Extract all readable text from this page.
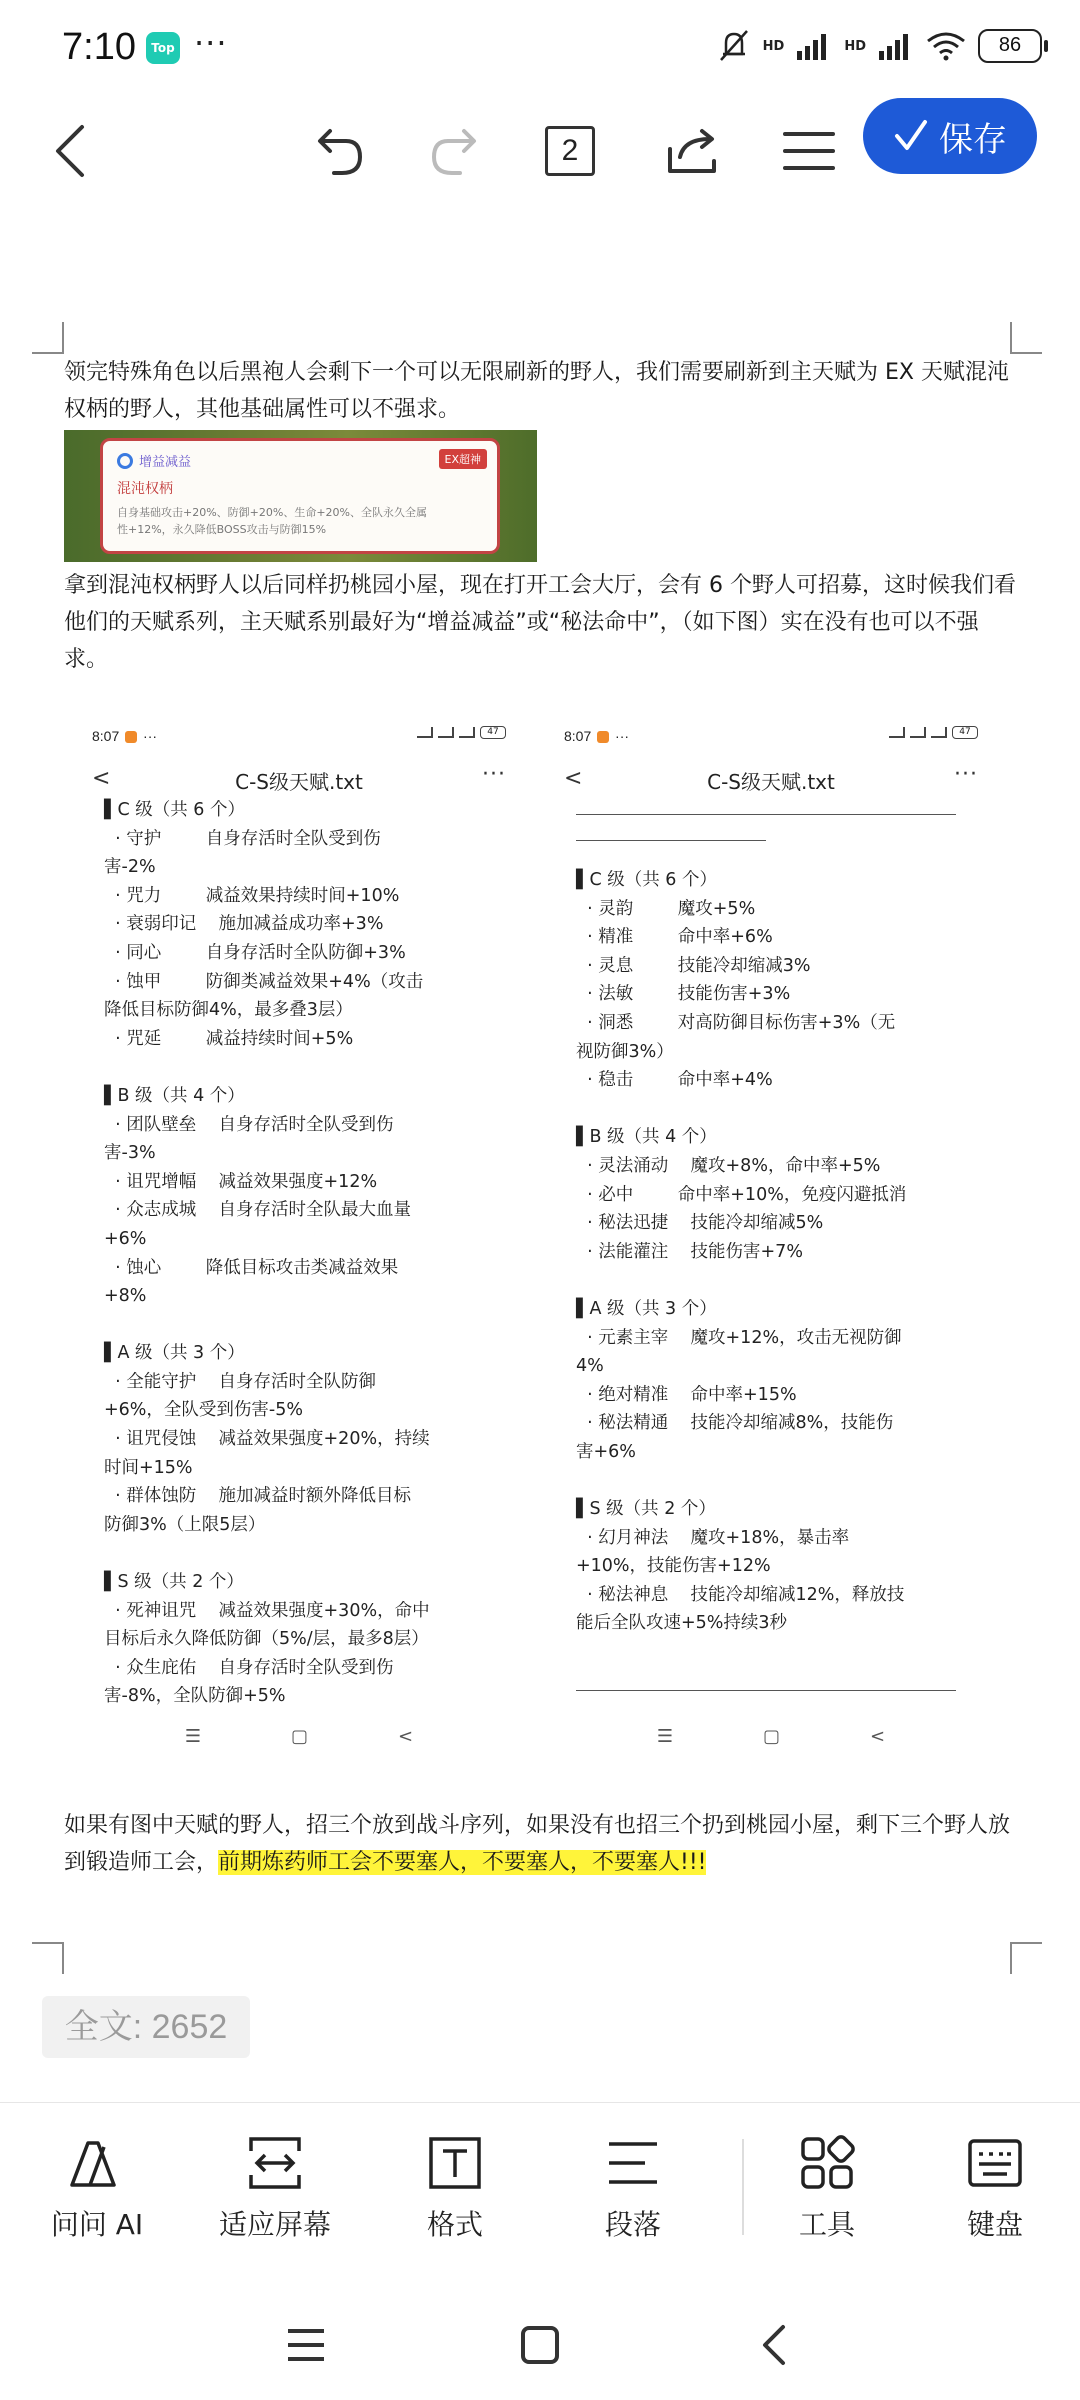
7:10	Top ···	HD	HD	86
2	保存

领完特殊角色以后黑袍人会剩下一个可以无限刷新的野人，我们需要刷新到主天赋为 EX 天赋混沌权柄的野人，其他基础属性可以不强求。

增益减益	EX超神
混沌权柄
自身基础攻击+20%、防御+20%、生命+20%、全队永久全属
性+12%，永久降低BOSS攻击与防御15%

拿到混沌权柄野人以后同样扔桃园小屋，现在打开工会大厅，会有 6 个野人可招募，这时候我们看他们的天赋系列，主天赋系别最好为“增益减益”或“秘法命中”，（如下图）实在没有也可以不强求。

8:07 ···	47
<	C-S级天赋.txt	···
▌C 级（共 6 个）
· 守护        自身存活时全队受到伤
害-2%
· 咒力        减益效果持续时间+10%
· 衰弱印记    施加减益成功率+3%
· 同心        自身存活时全队防御+3%
· 蚀甲        防御类减益效果+4%（攻击
降低目标防御4%，最多叠3层）
· 咒延        减益持续时间+5%

▌B 级（共 4 个）
· 团队壁垒    自身存活时全队受到伤
害-3%
· 诅咒增幅    减益效果强度+12%
· 众志成城    自身存活时全队最大血量
+6%
· 蚀心        降低目标攻击类减益效果
+8%

▌A 级（共 3 个）
· 全能守护    自身存活时全队防御
+6%，全队受到伤害-5%
· 诅咒侵蚀    减益效果强度+20%，持续
时间+15%
· 群体蚀防    施加减益时额外降低目标
防御3%（上限5层）

▌S 级（共 2 个）
· 死神诅咒    减益效果强度+30%，命中
目标后永久降低防御（5%/层，最多8层）
· 众生庇佑    自身存活时全队受到伤
害-8%，全队防御+5%
☰	▢	<
8:07 ···	47
<	C-S级天赋.txt	···
▌C 级（共 6 个）
· 灵韵        魔攻+5%
· 精准        命中率+6%
· 灵息        技能冷却缩减3%
· 法敏        技能伤害+3%
· 洞悉        对高防御目标伤害+3%（无
视防御3%）
· 稳击        命中率+4%

▌B 级（共 4 个）
· 灵法涌动    魔攻+8%，命中率+5%
· 必中        命中率+10%，免疫闪避抵消
· 秘法迅捷    技能冷却缩减5%
· 法能灌注    技能伤害+7%

▌A 级（共 3 个）
· 元素主宰    魔攻+12%，攻击无视防御
4%
· 绝对精准    命中率+15%
· 秘法精通    技能冷却缩减8%，技能伤
害+6%

▌S 级（共 2 个）
· 幻月神法    魔攻+18%，暴击率
+10%，技能伤害+12%
· 秘法神息    技能冷却缩减12%，释放技
能后全队攻速+5%持续3秒
☰	▢	<

如果有图中天赋的野人，招三个放到战斗序列，如果没有也招三个扔到桃园小屋，剩下三个野人放到锻造师工会，前期炼药师工会不要塞人，不要塞人，不要塞人!!!

全文: 2652
问问 AI	适应屏幕	格式	段落	工具	键盘
